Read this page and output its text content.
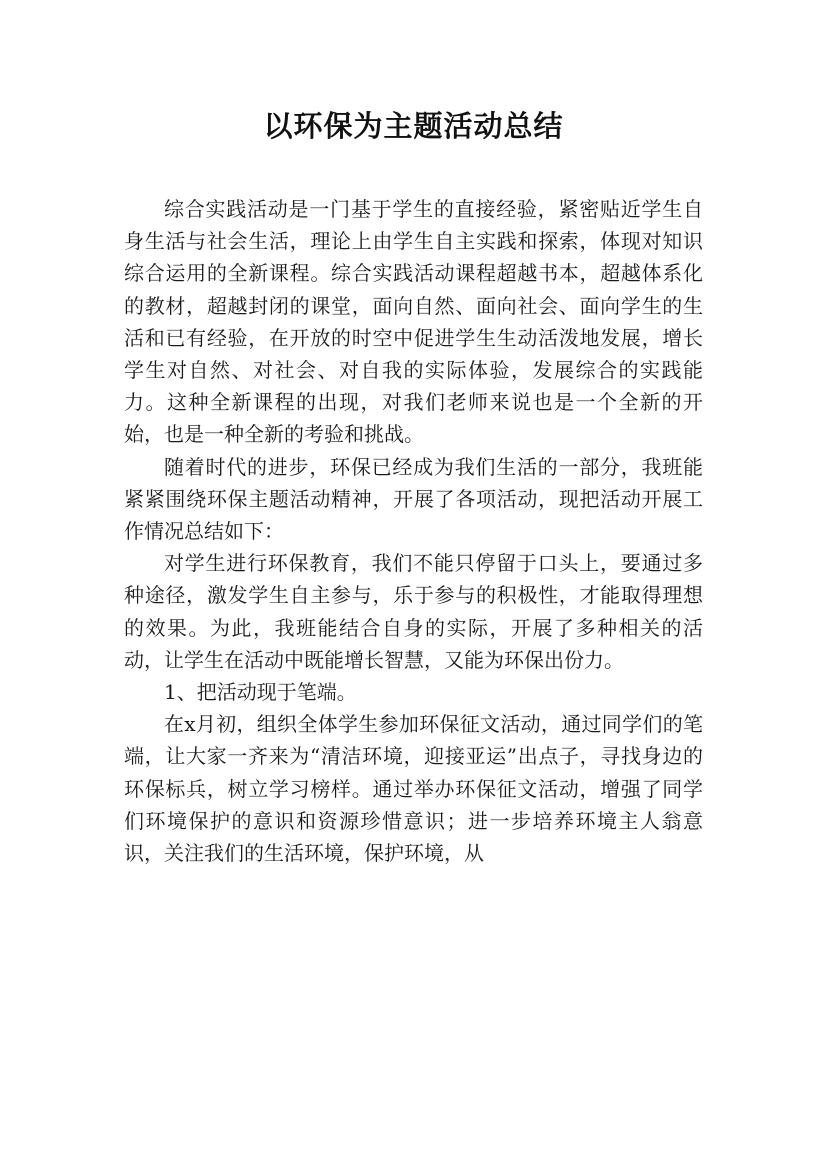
以环保为主题活动总结

综合实践活动是一门基于学生的直接经验，紧密贴近学生自身生活与社会生活，理论上由学生自主实践和探索，体现对知识综合运用的全新课程。综合实践活动课程超越书本，超越体系化的教材，超越封闭的课堂，面向自然、面向社会、面向学生的生活和已有经验，在开放的时空中促进学生生动活泼地发展，增长学生对自然、对社会、对自我的实际体验，发展综合的实践能力。这种全新课程的出现，对我们老师来说也是一个全新的开始，也是一种全新的考验和挑战。

随着时代的进步，环保已经成为我们生活的一部分，我班能紧紧围绕环保主题活动精神，开展了各项活动，现把活动开展工作情况总结如下：

对学生进行环保教育，我们不能只停留于口头上，要通过多种途径，激发学生自主参与，乐于参与的积极性，才能取得理想的效果。为此，我班能结合自身的实际，开展了多种相关的活动，让学生在活动中既能增长智慧，又能为环保出份力。

1、把活动现于笔端。

在x月初，组织全体学生参加环保征文活动，通过同学们的笔端，让大家一齐来为“清洁环境，迎接亚运”出点子，寻找身边的环保标兵，树立学习榜样。通过举办环保征文活动，增强了同学们环境保护的意识和资源珍惜意识；进一步培养环境主人翁意识，关注我们的生活环境，保护环境，从
